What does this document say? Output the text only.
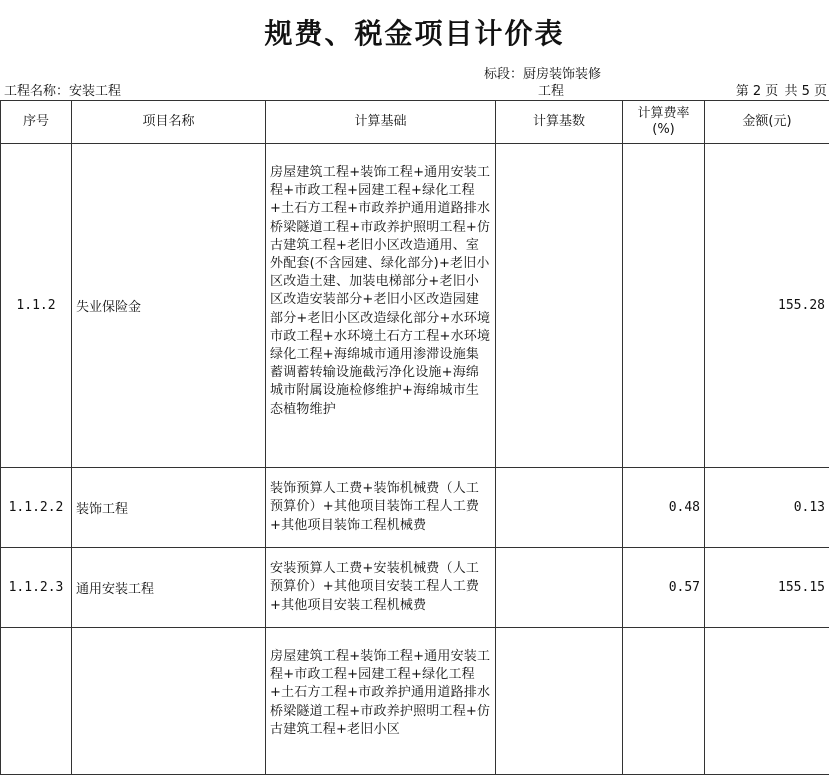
规费、税金项目计价表
工程名称：安装工程
标段：厨房装饰装修
工程	第 2 页 共 5 页
序号	项目名称	计算基础	计算基数	计算费率(%)	金额(元)
1.1.2	失业保险金	房屋建筑工程+装饰工程+通用安装工程+市政工程+园建工程+绿化工程+土石方工程+市政养护通用道路排水桥梁隧道工程+市政养护照明工程+仿古建筑工程+老旧小区改造通用、室外配套(不含园建、绿化部分)+老旧小区改造土建、加装电梯部分+老旧小区改造安装部分+老旧小区改造园建部分+老旧小区改造绿化部分+水环境市政工程+水环境土石方工程+水环境绿化工程+海绵城市通用渗滞设施集蓄调蓄转输设施截污净化设施+海绵城市附属设施检修维护+海绵城市生态植物维护			155.28
1.1.2.2	装饰工程	装饰预算人工费+装饰机械费（人工预算价）+其他项目装饰工程人工费+其他项目装饰工程机械费		0.48	0.13
1.1.2.3	通用安装工程	安装预算人工费+安装机械费（人工预算价）+其他项目安装工程人工费+其他项目安装工程机械费		0.57	155.15
		房屋建筑工程+装饰工程+通用安装工程+市政工程+园建工程+绿化工程+土石方工程+市政养护通用道路排水桥梁隧道工程+市政养护照明工程+仿古建筑工程+老旧小区			
